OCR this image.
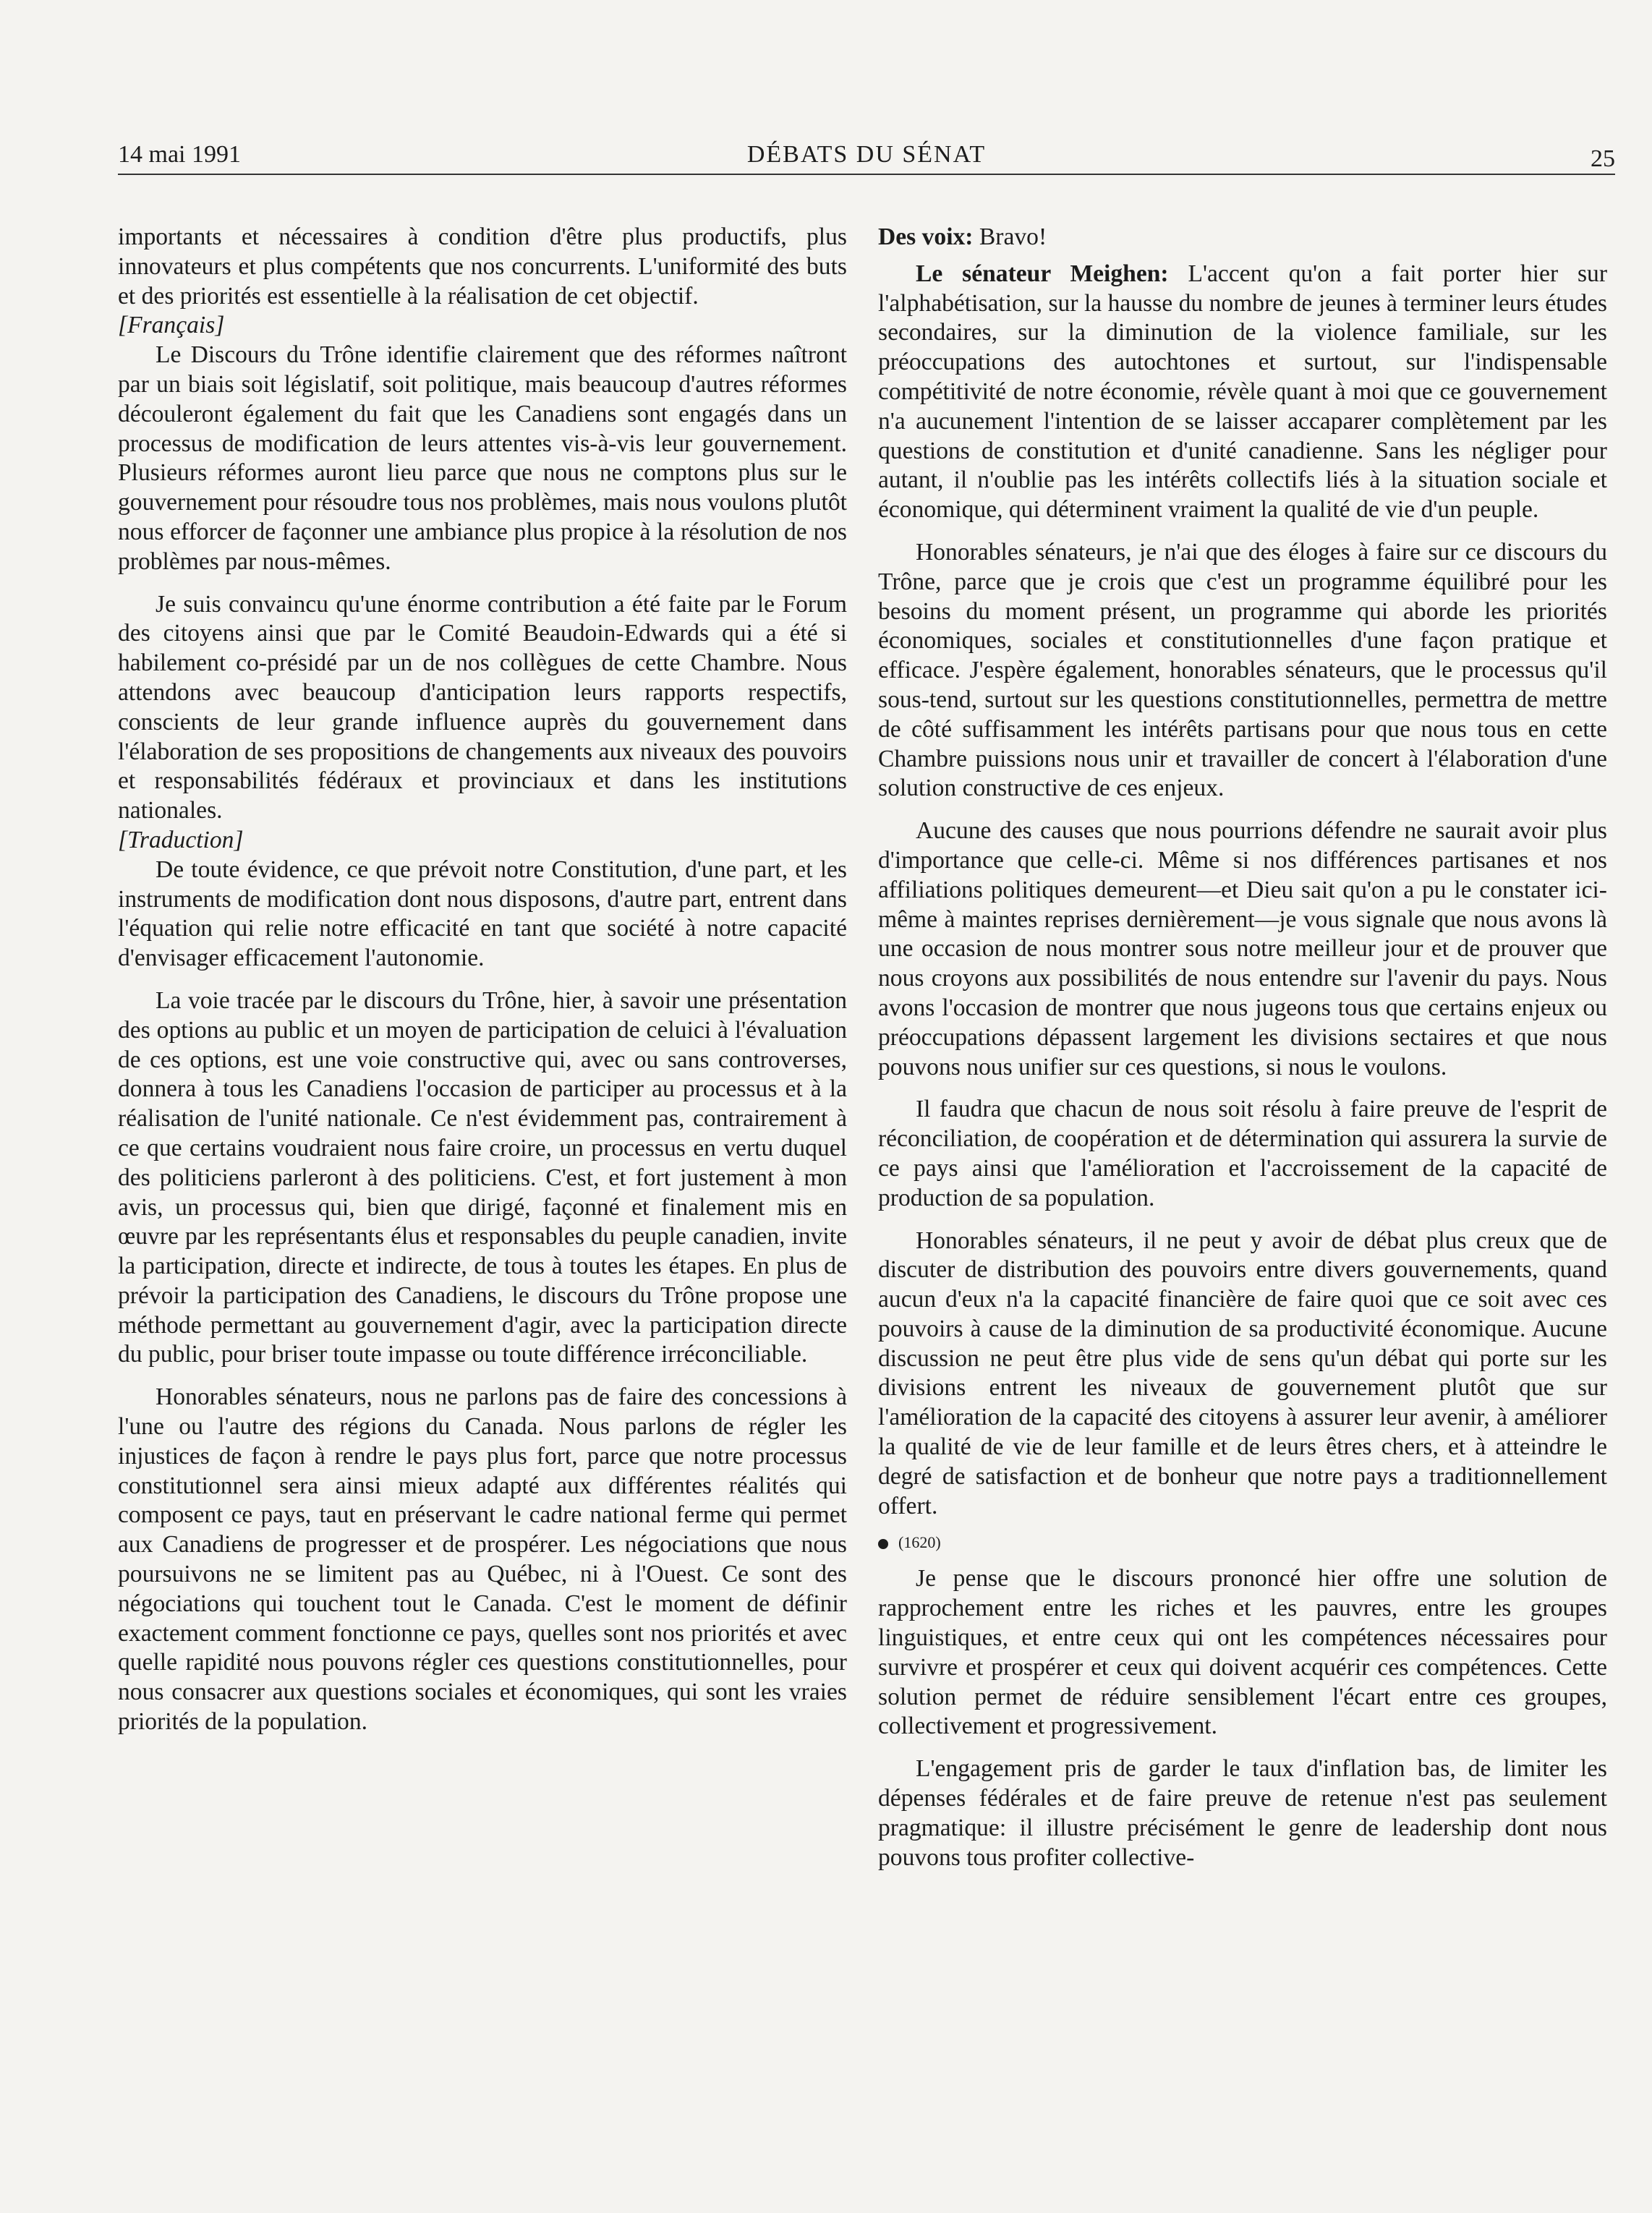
14 mai 1991	DÉBATS DU SÉNAT	25

importants et nécessaires à condition d'être plus productifs, plus innovateurs et plus compétents que nos concurrents. L'uniformité des buts et des priorités est essentielle à la réalisation de cet objectif.

[Français]

Le Discours du Trône identifie clairement que des réformes naîtront par un biais soit législatif, soit politique, mais beaucoup d'autres réformes découleront également du fait que les Canadiens sont engagés dans un processus de modification de leurs attentes vis-à-vis leur gouvernement. Plusieurs réformes auront lieu parce que nous ne comptons plus sur le gouvernement pour résoudre tous nos problèmes, mais nous voulons plutôt nous efforcer de façonner une ambiance plus propice à la résolution de nos problèmes par nous-mêmes.

Je suis convaincu qu'une énorme contribution a été faite par le Forum des citoyens ainsi que par le Comité Beaudoin-Edwards qui a été si habilement co-présidé par un de nos collègues de cette Chambre. Nous attendons avec beaucoup d'anticipation leurs rapports respectifs, conscients de leur grande influence auprès du gouvernement dans l'élaboration de ses propositions de changements aux niveaux des pouvoirs et responsabilités fédéraux et provinciaux et dans les institutions nationales.

[Traduction]

De toute évidence, ce que prévoit notre Constitution, d'une part, et les instruments de modification dont nous disposons, d'autre part, entrent dans l'équation qui relie notre efficacité en tant que société à notre capacité d'envisager efficacement l'autonomie.

La voie tracée par le discours du Trône, hier, à savoir une présentation des options au public et un moyen de participation de celuici à l'évaluation de ces options, est une voie constructive qui, avec ou sans controverses, donnera à tous les Canadiens l'occasion de participer au processus et à la réalisation de l'unité nationale. Ce n'est évidemment pas, contrairement à ce que certains voudraient nous faire croire, un processus en vertu duquel des politiciens parleront à des politiciens. C'est, et fort justement à mon avis, un processus qui, bien que dirigé, façonné et finalement mis en œuvre par les représentants élus et responsables du peuple canadien, invite la participation, directe et indirecte, de tous à toutes les étapes. En plus de prévoir la participation des Canadiens, le discours du Trône propose une méthode permettant au gouvernement d'agir, avec la participation directe du public, pour briser toute impasse ou toute différence irréconciliable.

Honorables sénateurs, nous ne parlons pas de faire des concessions à l'une ou l'autre des régions du Canada. Nous parlons de régler les injustices de façon à rendre le pays plus fort, parce que notre processus constitutionnel sera ainsi mieux adapté aux différentes réalités qui composent ce pays, taut en préservant le cadre national ferme qui permet aux Canadiens de progresser et de prospérer. Les négociations que nous poursuivons ne se limitent pas au Québec, ni à l'Ouest. Ce sont des négociations qui touchent tout le Canada. C'est le moment de définir exactement comment fonctionne ce pays, quelles sont nos priorités et avec quelle rapidité nous pouvons régler ces questions constitutionnelles, pour nous consacrer aux questions sociales et économiques, qui sont les vraies priorités de la population.

Des voix: Bravo!

Le sénateur Meighen: L'accent qu'on a fait porter hier sur l'alphabétisation, sur la hausse du nombre de jeunes à terminer leurs études secondaires, sur la diminution de la violence familiale, sur les préoccupations des autochtones et surtout, sur l'indispensable compétitivité de notre économie, révèle quant à moi que ce gouvernement n'a aucunement l'intention de se laisser accaparer complètement par les questions de constitution et d'unité canadienne. Sans les négliger pour autant, il n'oublie pas les intérêts collectifs liés à la situation sociale et économique, qui déterminent vraiment la qualité de vie d'un peuple.

Honorables sénateurs, je n'ai que des éloges à faire sur ce discours du Trône, parce que je crois que c'est un programme équilibré pour les besoins du moment présent, un programme qui aborde les priorités économiques, sociales et constitutionnelles d'une façon pratique et efficace. J'espère également, honorables sénateurs, que le processus qu'il sous-tend, surtout sur les questions constitutionnelles, permettra de mettre de côté suffisamment les intérêts partisans pour que nous tous en cette Chambre puissions nous unir et travailler de concert à l'élaboration d'une solution constructive de ces enjeux.

Aucune des causes que nous pourrions défendre ne saurait avoir plus d'importance que celle-ci. Même si nos différences partisanes et nos affiliations politiques demeurent—et Dieu sait qu'on a pu le constater ici-même à maintes reprises dernièrement—je vous signale que nous avons là une occasion de nous montrer sous notre meilleur jour et de prouver que nous croyons aux possibilités de nous entendre sur l'avenir du pays. Nous avons l'occasion de montrer que nous jugeons tous que certains enjeux ou préoccupations dépassent largement les divisions sectaires et que nous pouvons nous unifier sur ces questions, si nous le voulons.

Il faudra que chacun de nous soit résolu à faire preuve de l'esprit de réconciliation, de coopération et de détermination qui assurera la survie de ce pays ainsi que l'amélioration et l'accroissement de la capacité de production de sa population.

Honorables sénateurs, il ne peut y avoir de débat plus creux que de discuter de distribution des pouvoirs entre divers gouvernements, quand aucun d'eux n'a la capacité financière de faire quoi que ce soit avec ces pouvoirs à cause de la diminution de sa productivité économique. Aucune discussion ne peut être plus vide de sens qu'un débat qui porte sur les divisions entrent les niveaux de gouvernement plutôt que sur l'amélioration de la capacité des citoyens à assurer leur avenir, à améliorer la qualité de vie de leur famille et de leurs êtres chers, et à atteindre le degré de satisfaction et de bonheur que notre pays a traditionnellement offert.

(1620)

Je pense que le discours prononcé hier offre une solution de rapprochement entre les riches et les pauvres, entre les groupes linguistiques, et entre ceux qui ont les compétences nécessaires pour survivre et prospérer et ceux qui doivent acquérir ces compétences. Cette solution permet de réduire sensiblement l'écart entre ces groupes, collectivement et progressivement.

L'engagement pris de garder le taux d'inflation bas, de limiter les dépenses fédérales et de faire preuve de retenue n'est pas seulement pragmatique: il illustre précisément le genre de leadership dont nous pouvons tous profiter collective-
